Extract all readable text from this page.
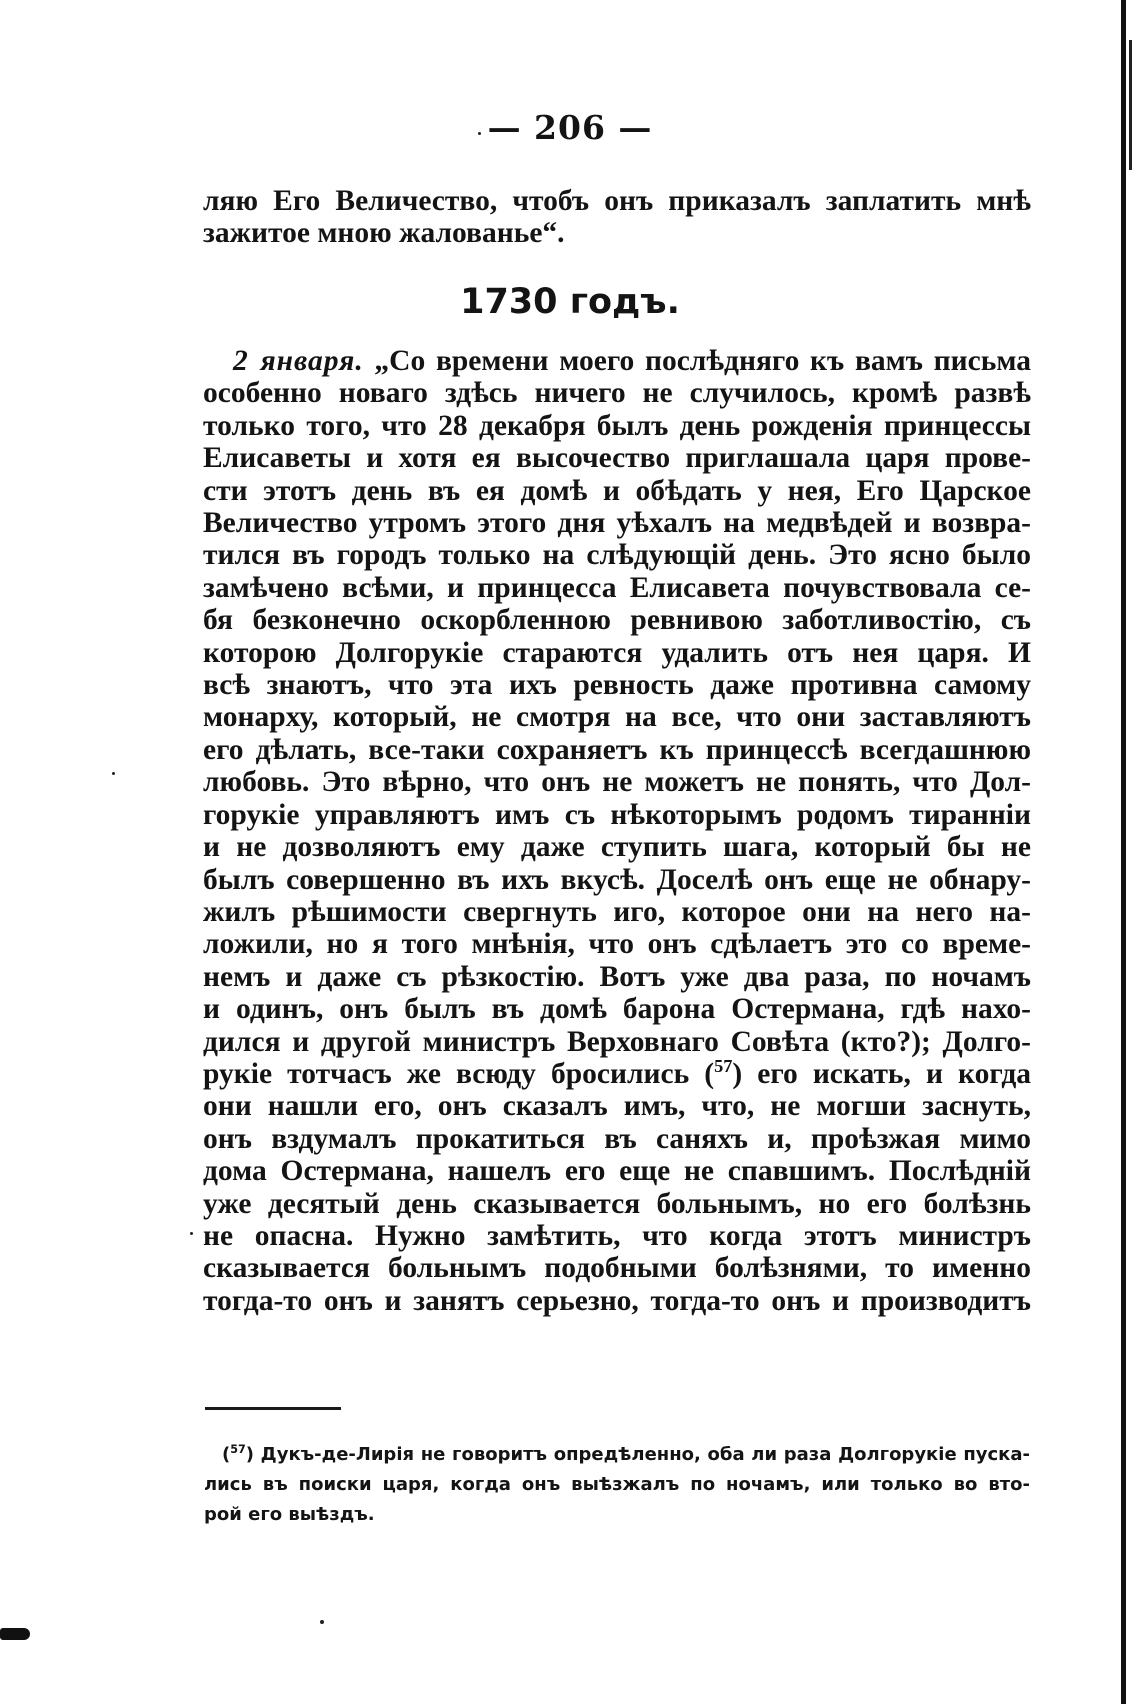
— 206 —
ляю Его Величество, чтобъ онъ приказалъ заплатить мнѣ
зажитое мною жалованье“.
1730 годъ.
2 января. „Со времени моего послѣдняго къ вамъ письма
особенно новаго здѣсь ничего не случилось, кромѣ развѣ
только того, что 28 декабря былъ день рожденія принцессы
Елисаветы и хотя ея высочество приглашала царя прове-
сти этотъ день въ ея домѣ и обѣдать у нея, Его Царское
Величество утромъ этого дня уѣхалъ на медвѣдей и возвра-
тился въ городъ только на слѣдующій день. Это ясно было
замѣчено всѣми, и принцесса Елисавета почувствовала се-
бя безконечно оскорбленною ревнивою заботливостію, съ
которою Долгорукіе стараются удалить отъ нея царя. И
всѣ знаютъ, что эта ихъ ревность даже противна самому
монарху, который, не смотря на все, что они заставляютъ
его дѣлать, все-таки сохраняетъ къ принцессѣ всегдашнюю
любовь. Это вѣрно, что онъ не можетъ не понять, что Дол-
горукіе управляютъ имъ съ нѣкоторымъ родомъ тиранніи
и не дозволяютъ ему даже ступить шага, который бы не
былъ совершенно въ ихъ вкусѣ. Доселѣ онъ еще не обнару-
жилъ рѣшимости свергнуть иго, которое они на него на-
ложили, но я того мнѣнія, что онъ сдѣлаетъ это со време-
немъ и даже съ рѣзкостію. Вотъ уже два раза, по ночамъ
и одинъ, онъ былъ въ домѣ барона Остермана, гдѣ нахо-
дился и другой министръ Верховнаго Совѣта (кто?); Долго-
рукіе тотчасъ же всюду бросились ($^{57}$) его искать, и когда
они нашли его, онъ сказалъ имъ, что, не могши заснуть,
онъ вздумалъ прокатиться въ саняхъ и, проѣзжая мимо
дома Остермана, нашелъ его еще не спавшимъ. Послѣдній
уже десятый день сказывается больнымъ, но его болѣзнь
не опасна. Нужно замѣтить, что когда этотъ министръ
сказывается больнымъ подобными болѣзнями, то именно
тогда-то онъ и занятъ серьезно, тогда-то онъ и производитъ
($^{57}$) Дукъ-де-Лирія не говоритъ опредѣленно, оба ли раза Долгорукіе пуска-
лись въ поиски царя, когда онъ выѣзжалъ по ночамъ, или только во вто-
рой его выѣздъ.
